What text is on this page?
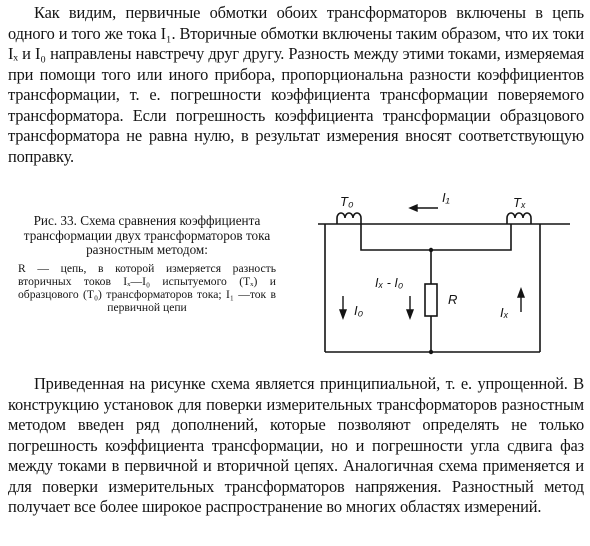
Как видим, первичные обмотки обоих трансформаторов включены в цепь одного и того же тока I₁. Вторичные обмотки включены таким образом, что их токи Iₓ и I₀ направлены навстречу друг другу. Разность между этими токами, измеряемая при помощи того или иного прибора, пропорциональна разности коэффициентов трансформации, т. е. погрешности коэффициента трансформации поверяемого трансформатора. Если погрешность коэффициента трансформации образцового трансформатора не равна нулю, в результат измерения вносят соответствующую поправку.

Рис. 33. Схема сравнения коэффициента трансформации двух трансформаторов тока разностным методом:
R — цепь, в которой измеряется разность вторичных токов Iₓ—I₀ испытуемого (Tₓ) и образцового (T₀) трансформаторов тока; I₁ —ток в первичной цепи
T₀	Tₓ
I₁
Iₓ - I₀
R
I₀	Iₓ

Приведенная на рисунке схема является принципиальной, т. е. упрощенной. В конструкцию установок для поверки измерительных трансформаторов разностным методом введен ряд дополнений, которые позволяют определять не только погрешность коэффициента трансформации, но и погрешности угла сдвига фаз между токами в первичной и вторичной цепях. Аналогичная схема применяется и для поверки измерительных трансформаторов напряжения. Разностный метод получает все более широкое распространение во многих областях измерений.
